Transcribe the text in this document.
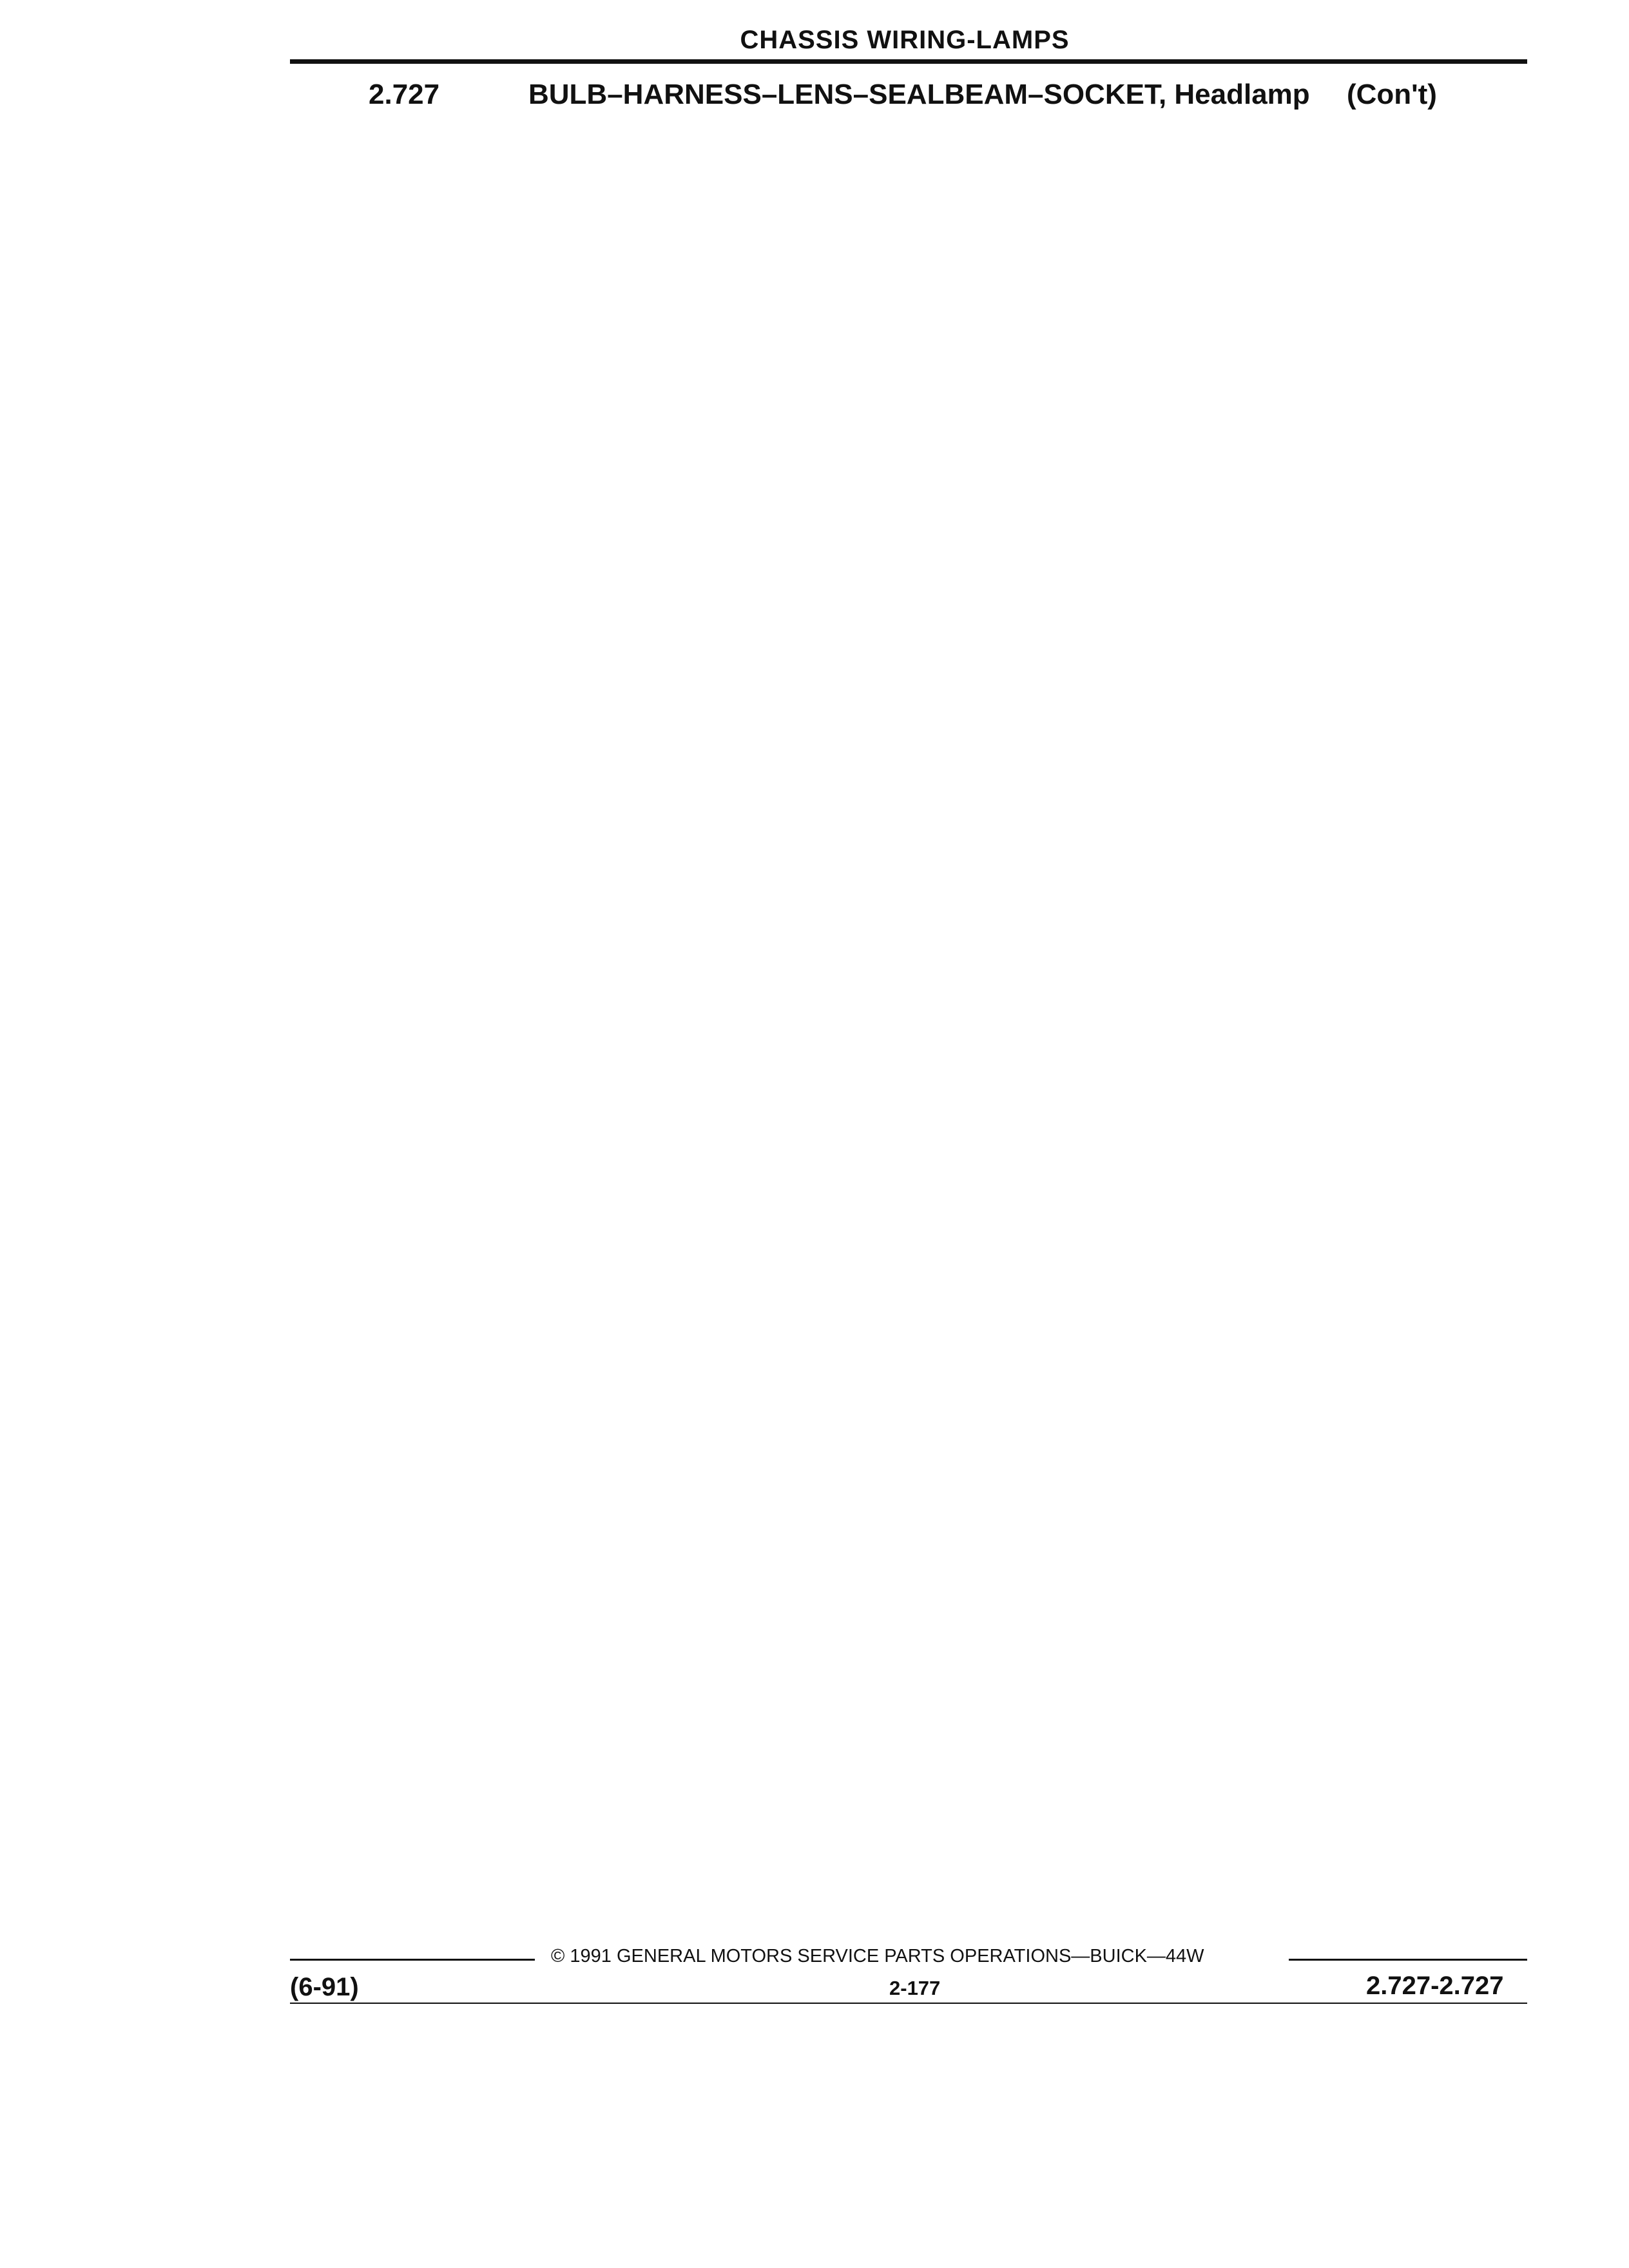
CHASSIS WIRING-LAMPS
2.727	BULB–HARNESS–LENS–SEALBEAM–SOCKET, Headlamp (Con't)
© 1991 GENERAL MOTORS SERVICE PARTS OPERATIONS—BUICK—44W
(6-91)	2-177	2.727-2.727
